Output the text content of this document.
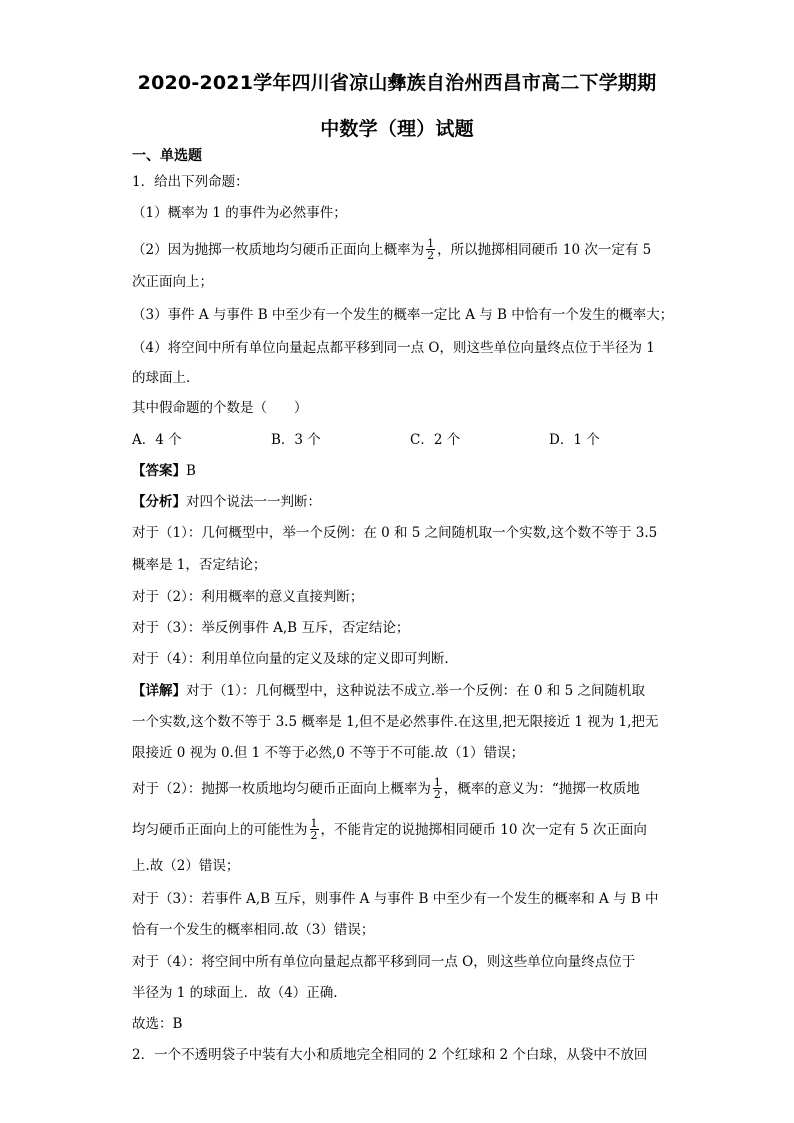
2020-2021学年四川省凉山彝族自治州西昌市高二下学期期
中数学（理）试题
一、单选题
1．给出下列命题：
（1）概率为 1 的事件为必然事件；
（2）因为抛掷一枚质地均匀硬币正面向上概率为 $\frac{1}{2}$ ，所以抛掷相同硬币 10 次一定有 5
次正面向上；
（3）事件 A 与事件 B 中至少有一个发生的概率一定比 A 与 B 中恰有一个发生的概率大；
（4）将空间中所有单位向量起点都平移到同一点 O，则这些单位向量终点位于半径为 1
的球面上．
其中假命题的个数是（　　）
A．4 个	B．3 个	C．2 个	D．1 个
【答案】B
【分析】对四个说法一一判断：
对于（1）：几何概型中，举一个反例：在 0 和 5 之间随机取一个实数,这个数不等于 3.5
概率是 1，否定结论；
对于（2）：利用概率的意义直接判断；
对于（3）：举反例事件 A,B 互斥，否定结论；
对于（4）：利用单位向量的定义及球的定义即可判断.
【详解】对于（1）：几何概型中，这种说法不成立.举一个反例：在 0 和 5 之间随机取
一个实数,这个数不等于 3.5 概率是 1,但不是必然事件.在这里,把无限接近 1 视为 1,把无
限接近 0 视为 0.但 1 不等于必然,0 不等于不可能.故（1）错误；
对于（2）：抛掷一枚质地均匀硬币正面向上概率为 $\frac{1}{2}$ ，概率的意义为：“抛掷一枚质地
均匀硬币正面向上的可能性为 $\frac{1}{2}$ ，不能肯定的说抛掷相同硬币 10 次一定有 5 次正面向
上.故（2）错误；
对于（3）：若事件 A,B 互斥，则事件 A 与事件 B 中至少有一个发生的概率和 A 与 B 中
恰有一个发生的概率相同.故（3）错误；
对于（4）：将空间中所有单位向量起点都平移到同一点 O，则这些单位向量终点位于
半径为 1 的球面上．故（4）正确.
故选：B
2．一个不透明袋子中装有大小和质地完全相同的 2 个红球和 2 个白球，从袋中不放回
